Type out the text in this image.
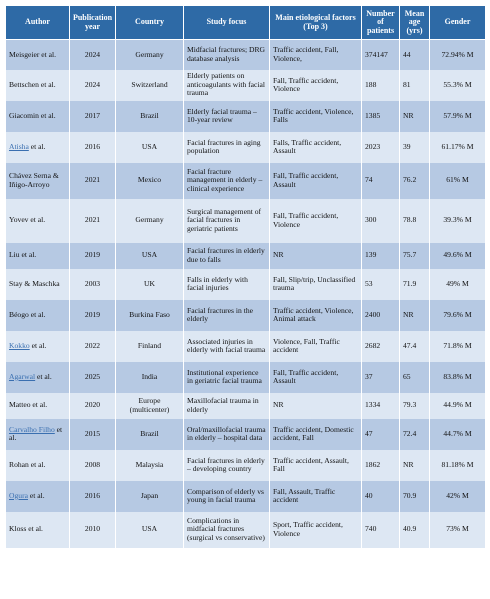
Author	Publication year	Country	Study focus	Main etiological factors (Top 3)	Number of patients	Mean age (yrs)	Gender
Meisgeier et al.	2024	Germany	Midfacial fractures; DRG database analysis	Traffic accident, Fall, Violence,	374147	44	72.94% M
Bettschen et al.	2024	Switzerland	Elderly patients on anticoagulants with facial trauma	Fall, Traffic accident, Violence	188	81	55.3% M
Giacomin et al.	2017	Brazil	Elderly facial trauma – 10-year review	Traffic accident, Violence, Falls	1385	NR	57.9% M
Atisha et al.	2016	USA	Facial fractures in aging population	Falls, Traffic accident, Assault	2023	39	61.17% M
Chávez Serna & Iñigo-Arroyo	2021	Mexico	Facial fracture management in elderly – clinical experience	Fall, Traffic accident, Assault	74	76.2	61% M
Yovev et al.	2021	Germany	Surgical management of facial fractures in geriatric patients	Fall, Traffic accident, Violence	300	78.8	39.3% M
Liu et al.	2019	USA	Facial fractures in elderly due to falls	NR	139	75.7	49.6% M
Stay & Maschka	2003	UK	Falls in elderly with facial injuries	Fall, Slip/trip, Unclassified trauma	53	71.9	49% M
Béogo et al.	2019	Burkina Faso	Facial fractures in the elderly	Traffic accident, Violence, Animal attack	2400	NR	79.6% M
Kokko et al.	2022	Finland	Associated injuries in elderly with facial trauma	Violence, Fall, Traffic accident	2682	47.4	71.8% M
Agarwal et al.	2025	India	Institutional experience in geriatric facial trauma	Fall, Traffic accident, Assault	37	65	83.8% M
Matteo et al.	2020	Europe (multicenter)	Maxillofacial trauma in elderly	NR	1334	79.3	44.9% M
Carvalho Filho et al.	2015	Brazil	Oral/maxillofacial trauma in elderly – hospital data	Traffic accident, Domestic accident, Fall	47	72.4	44.7% M
Rohan et al.	2008	Malaysia	Facial fractures in elderly – developing country	Traffic accident, Assault, Fall	1862	NR	81.18% M
Ogura et al.	2016	Japan	Comparison of elderly vs young in facial trauma	Fall, Assault, Traffic accident	40	70.9	42% M
Kloss et al.	2010	USA	Complications in midfacial fractures (surgical vs conservative)	Sport, Traffic accident, Violence	740	40.9	73% M
